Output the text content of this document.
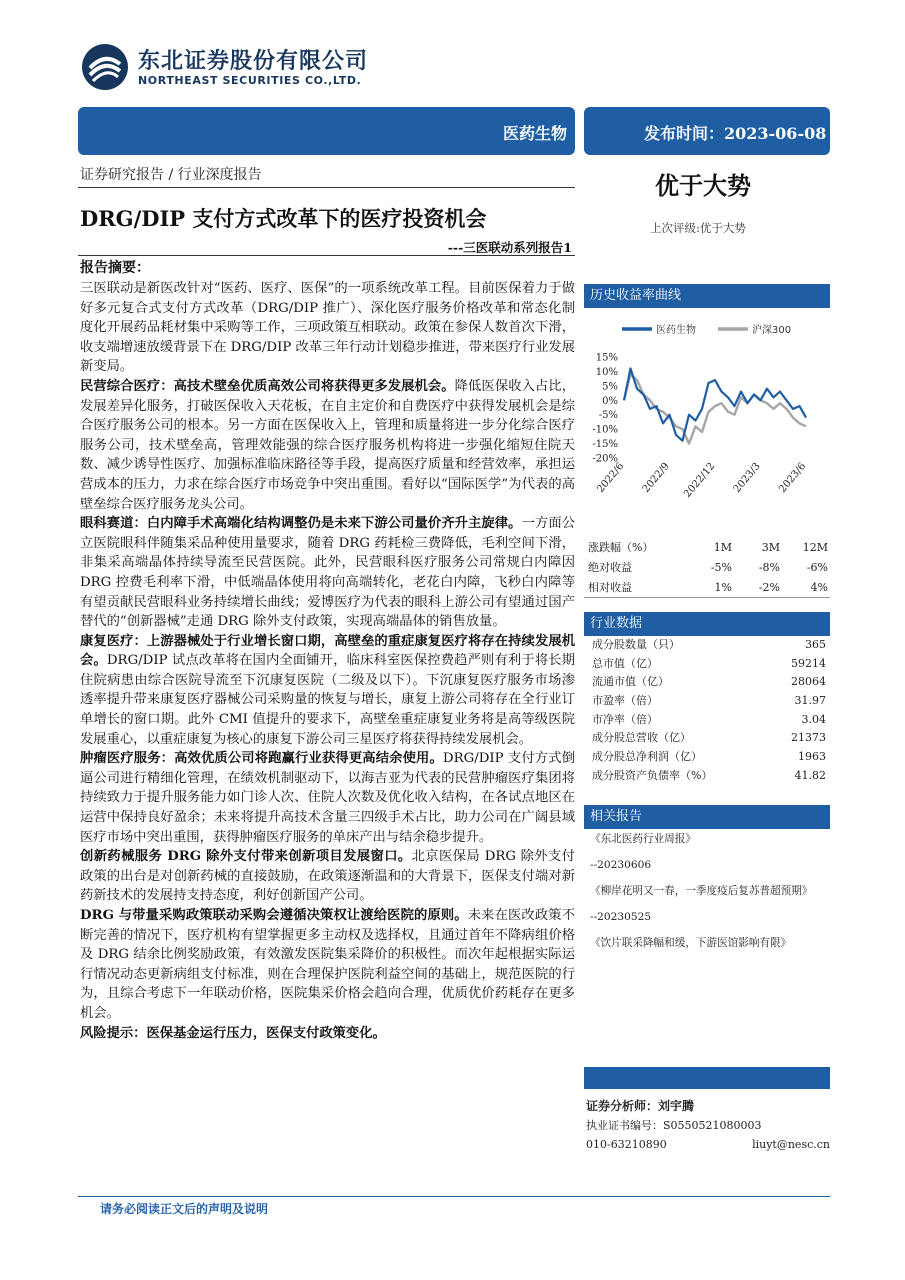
东北证券股份有限公司
NORTHEAST SECURITIES CO.,LTD.
医药生物	发布时间：2023-06-08
证券研究报告 / 行业深度报告	优于大势
上次评级:优于大势
DRG/DIP 支付方式改革下的医疗投资机会
---三医联动系列报告1
报告摘要：

三医联动是新医改针对“医药、医疗、医保”的一项系统改革工程。目前医保着力于做好多元复合式支付方式改革（DRG/DIP 推广）、深化医疗服务价格改革和常态化制度化开展药品耗材集中采购等工作，三项政策互相联动。政策在参保人数首次下滑，收支端增速放缓背景下在 DRG/DIP 改革三年行动计划稳步推进，带来医疗行业发展新变局。

民营综合医疗：高技术壁垒优质高效公司将获得更多发展机会。降低医保收入占比，发展差异化服务，打破医保收入天花板，在自主定价和自费医疗中获得发展机会是综合医疗服务公司的根本。另一方面在医保收入上，管理和质量将进一步分化综合医疗服务公司，技术壁垒高，管理效能强的综合医疗服务机构将进一步强化缩短住院天数、减少诱导性医疗、加强标准临床路径等手段，提高医疗质量和经营效率，承担运营成本的压力，力求在综合医疗市场竞争中突出重围。看好以“国际医学”为代表的高壁垒综合医疗服务龙头公司。

眼科赛道：白内障手术高端化结构调整仍是未来下游公司量价齐升主旋律。一方面公立医院眼科伴随集采品种使用量要求，随着 DRG 药耗检三费降低，毛利空间下滑，非集采高端晶体持续导流至民营医院。此外，民营眼科医疗服务公司常规白内障因 DRG 控费毛利率下滑，中低端晶体使用将向高端转化，老花白内障，飞秒白内障等有望贡献民营眼科业务持续增长曲线；爱博医疗为代表的眼科上游公司有望通过国产替代的“创新器械”走通 DRG 除外支付政策，实现高端晶体的销售放量。

康复医疗：上游器械处于行业增长窗口期，高壁垒的重症康复医疗将存在持续发展机会。DRG/DIP 试点改革将在国内全面铺开，临床科室医保控费趋严则有利于将长期住院病患由综合医院导流至下沉康复医院（二级及以下）。下沉康复医疗服务市场渗透率提升带来康复医疗器械公司采购量的恢复与增长，康复上游公司将存在全行业订单增长的窗口期。此外 CMI 值提升的要求下，高壁垒重症康复业务将是高等级医院发展重心，以重症康复为核心的康复下游公司三星医疗将获得持续发展机会。

肿瘤医疗服务：高效优质公司将跑赢行业获得更高结余使用。DRG/DIP 支付方式倒逼公司进行精细化管理，在绩效机制驱动下，以海吉亚为代表的民营肿瘤医疗集团将持续致力于提升服务能力如门诊人次、住院人次数及优化收入结构，在各试点地区在运营中保持良好盈余；未来将提升高技术含量三四级手术占比，助力公司在广阔县域医疗市场中突出重围，获得肿瘤医疗服务的单床产出与结余稳步提升。

创新药械服务 DRG 除外支付带来创新项目发展窗口。北京医保局 DRG 除外支付政策的出台是对创新药械的直接鼓励，在政策逐渐温和的大背景下，医保支付端对新药新技术的发展持支持态度，利好创新国产公司。

DRG 与带量采购政策联动采购会遵循决策权让渡给医院的原则。未来在医改政策不断完善的情况下，医疗机构有望掌握更多主动权及选择权，且通过首年不降病组价格及 DRG 结余比例奖励政策，有效激发医院集采降价的积极性。而次年起根据实际运行情况动态更新病组支付标准，则在合理保护医院利益空间的基础上，规范医院的行为，且综合考虑下一年联动价格，医院集采价格会趋向合理，优质优价药耗存在更多机会。

风险提示：医保基金运行压力，医保支付政策变化。

历史收益率曲线
医药生物	沪深300
15%
10%
5%
0%
-5%
-10%
-15%
-20%
2022/6 2022/9 2022/12 2023/3 2023/6
涨跌幅（%）	1M	3M	12M
绝对收益	-5%	-8%	-6%
相对收益	1%	-2%	4%
行业数据
成分股数量（只）	365
总市值（亿）	59214
流通市值（亿）	28064
市盈率（倍）	31.97
市净率（倍）	3.04
成分股总营收（亿）	21373
成分股总净利润（亿）	1963
成分股资产负债率（%）	41.82
相关报告
《东北医药行业周报》
--20230606
《柳岸花明又一春，一季度疫后复苏普超预期》
--20230525
《饮片联采降幅和缓，下游医馆影响有限》
证券分析师：刘宇腾
执业证书编号：S0550521080003
010-63210890	liuyt@nesc.cn
请务必阅读正文后的声明及说明
